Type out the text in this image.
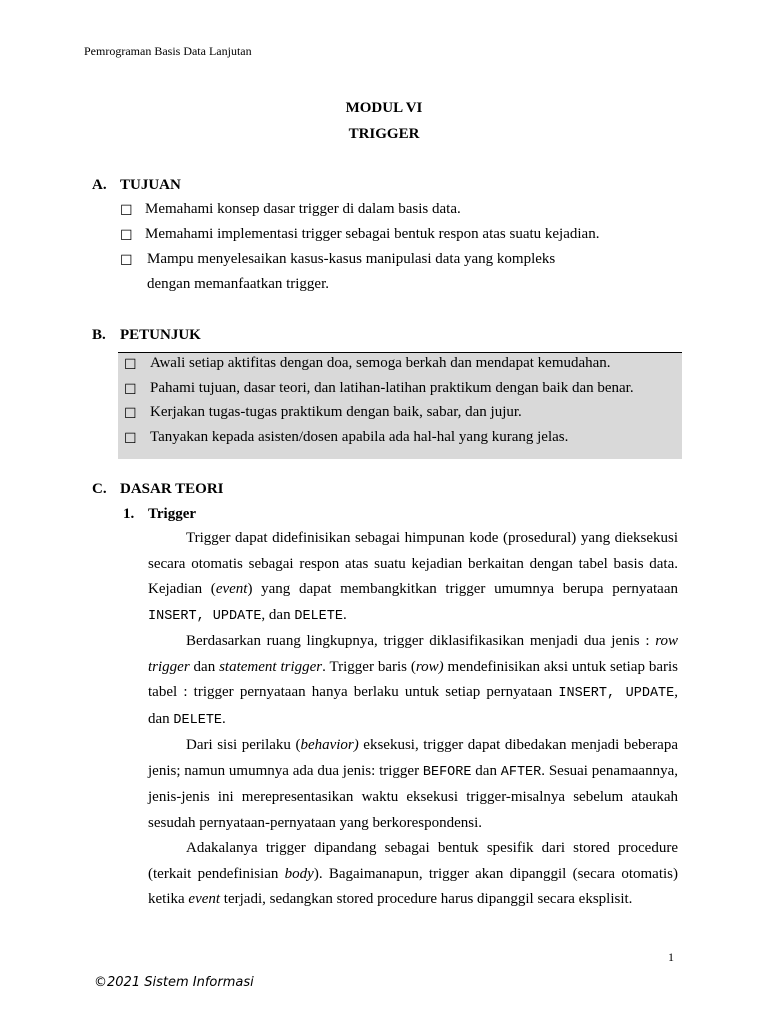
Pemrograman Basis Data Lanjutan
MODUL VI
TRIGGER
A. TUJUAN
☐ Memahami konsep dasar trigger di dalam basis data.
☐ Memahami implementasi trigger sebagai bentuk respon atas suatu kejadian.
☐ Mampu menyelesaikan kasus-kasus manipulasi data yang kompleks
dengan memanfaatkan trigger.
B. PETUNJUK
☐ Awali setiap aktifitas dengan doa, semoga berkah dan mendapat kemudahan.
☐ Pahami tujuan, dasar teori, dan latihan-latihan praktikum dengan baik dan benar.
☐ Kerjakan tugas-tugas praktikum dengan baik, sabar, dan jujur.
☐ Tanyakan kepada asisten/dosen apabila ada hal-hal yang kurang jelas.
C. DASAR TEORI
1. Trigger

Trigger dapat didefinisikan sebagai himpunan kode (prosedural) yang dieksekusi secara otomatis sebagai respon atas suatu kejadian berkaitan dengan tabel basis data. Kejadian (event) yang dapat membangkitkan trigger umumnya berupa pernyataan INSERT, UPDATE, dan DELETE.

Berdasarkan ruang lingkupnya, trigger diklasifikasikan menjadi dua jenis : row trigger dan statement trigger. Trigger baris (row) mendefinisikan aksi untuk setiap baris tabel : trigger pernyataan hanya berlaku untuk setiap pernyataan INSERT, UPDATE, dan DELETE.

Dari sisi perilaku (behavior) eksekusi, trigger dapat dibedakan menjadi beberapa jenis; namun umumnya ada dua jenis: trigger BEFORE dan AFTER. Sesuai penamaannya, jenis-jenis ini merepresentasikan waktu eksekusi trigger-misalnya sebelum ataukah sesudah pernyataan-pernyataan yang berkorespondensi.

Adakalanya trigger dipandang sebagai bentuk spesifik dari stored procedure (terkait pendefinisian body). Bagaimanapun, trigger akan dipanggil (secara otomatis) ketika event terjadi, sedangkan stored procedure harus dipanggil secara eksplisit.

1
©2021 Sistem Informasi
